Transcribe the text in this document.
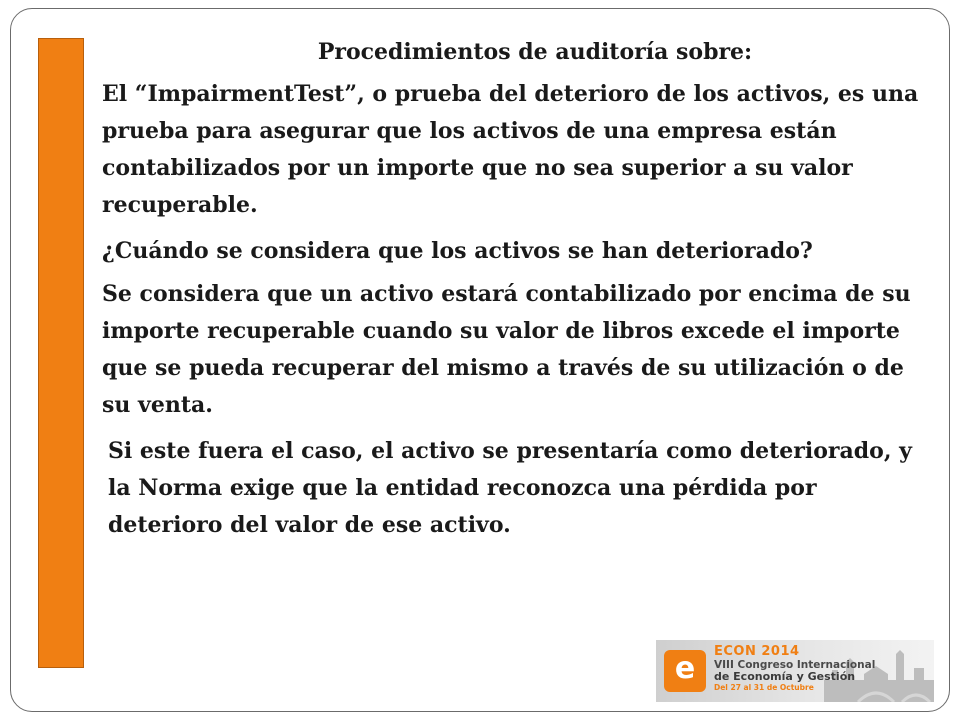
Procedimientos de auditoría sobre:

El “ImpairmentTest”, o prueba del deterioro de los activos, es una prueba para asegurar que los activos de una empresa están contabilizados por un importe que no sea superior a su valor recuperable.

¿Cuándo se considera que los activos se han deteriorado?

Se considera que un activo estará contabilizado por encima de su importe recuperable cuando su valor de libros excede el importe que se pueda recuperar del mismo a través de su utilización o de su venta.

Si este fuera el caso, el activo se presentaría como deteriorado, y la Norma exige que la entidad reconozca una pérdida por deterioro del valor de ese activo.

e ECON 2014
VIII Congreso Internacional
de Economía y Gestión
Del 27 al 31 de Octubre
